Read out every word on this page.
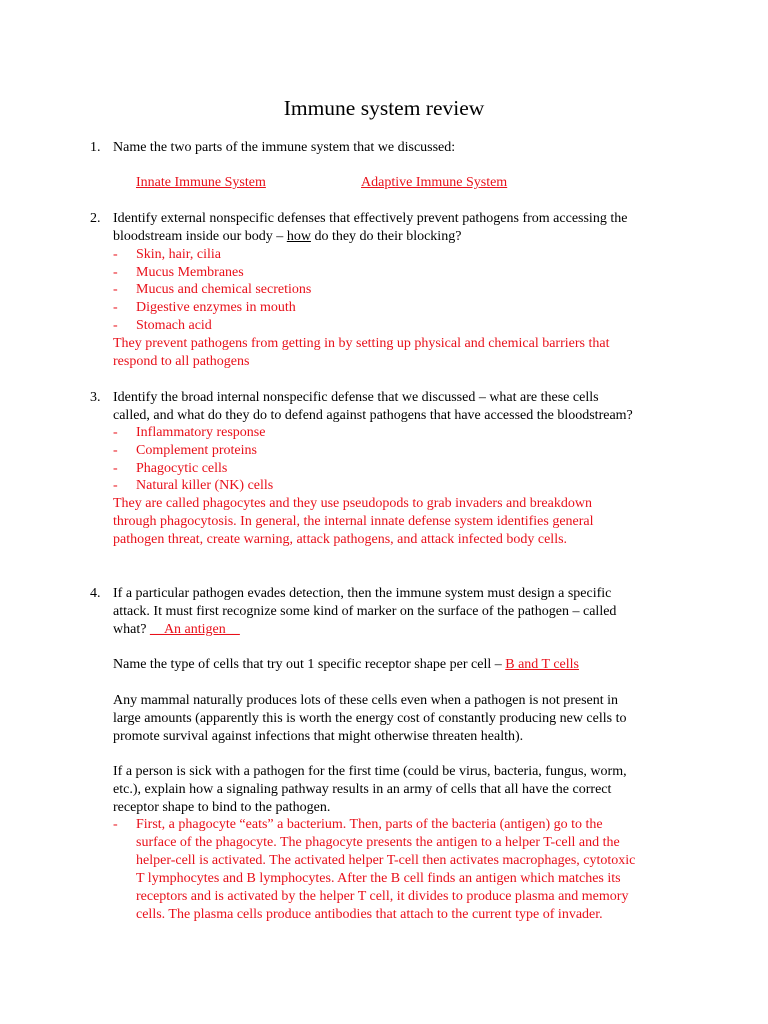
Immune system review
1. Name the two parts of the immune system that we discussed:
Innate Immune System	Adaptive Immune System
2. Identify external nonspecific defenses that effectively prevent pathogens from accessing the
bloodstream inside our body – how do they do their blocking?
-	Skin, hair, cilia
-	Mucus Membranes
-	Mucus and chemical secretions
-	Digestive enzymes in mouth
-	Stomach acid
They prevent pathogens from getting in by setting up physical and chemical barriers that
respond to all pathogens
3. Identify the broad internal nonspecific defense that we discussed – what are these cells
called, and what do they do to defend against pathogens that have accessed the bloodstream?
-	Inflammatory response
-	Complement proteins
-	Phagocytic cells
-	Natural killer (NK) cells
They are called phagocytes and they use pseudopods to grab invaders and breakdown
through phagocytosis. In general, the internal innate defense system identifies general
pathogen threat, create warning, attack pathogens, and attack infected body cells.
4. If a particular pathogen evades detection, then the immune system must design a specific
attack. It must first recognize some kind of marker on the surface of the pathogen – called
what? __An antigen__
Name the type of cells that try out 1 specific receptor shape per cell – B and T cells
Any mammal naturally produces lots of these cells even when a pathogen is not present in
large amounts (apparently this is worth the energy cost of constantly producing new cells to
promote survival against infections that might otherwise threaten health).
If a person is sick with a pathogen for the first time (could be virus, bacteria, fungus, worm,
etc.), explain how a signaling pathway results in an army of cells that all have the correct
receptor shape to bind to the pathogen.
-	First, a phagocyte “eats” a bacterium. Then, parts of the bacteria (antigen) go to the
surface of the phagocyte. The phagocyte presents the antigen to a helper T-cell and the
helper-cell is activated. The activated helper T-cell then activates macrophages, cytotoxic
T lymphocytes and B lymphocytes. After the B cell finds an antigen which matches its
receptors and is activated by the helper T cell, it divides to produce plasma and memory
cells. The plasma cells produce antibodies that attach to the current type of invader.
